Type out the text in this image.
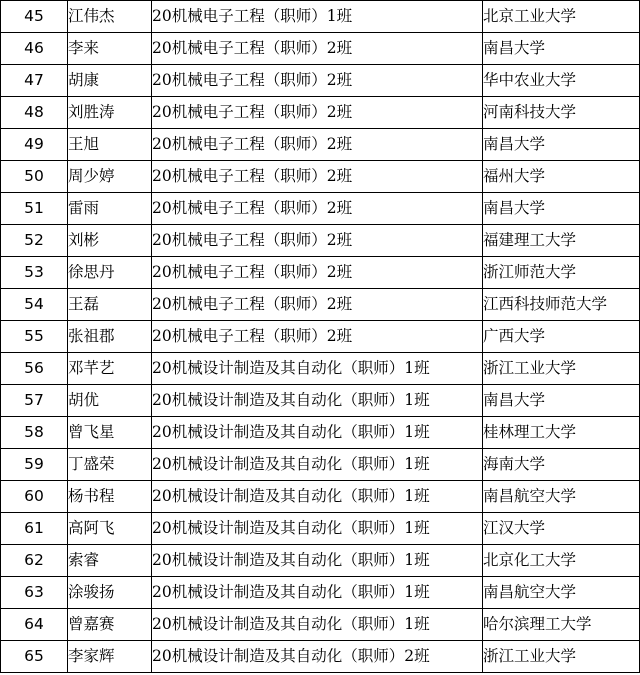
45	江伟杰	20机械电子工程（职师）1班	北京工业大学
46	李来	20机械电子工程（职师）2班	南昌大学
47	胡康	20机械电子工程（职师）2班	华中农业大学
48	刘胜涛	20机械电子工程（职师）2班	河南科技大学
49	王旭	20机械电子工程（职师）2班	南昌大学
50	周少婷	20机械电子工程（职师）2班	福州大学
51	雷雨	20机械电子工程（职师）2班	南昌大学
52	刘彬	20机械电子工程（职师）2班	福建理工大学
53	徐思丹	20机械电子工程（职师）2班	浙江师范大学
54	王磊	20机械电子工程（职师）2班	江西科技师范大学
55	张祖郡	20机械电子工程（职师）2班	广西大学
56	邓芊艺	20机械设计制造及其自动化（职师）1班	浙江工业大学
57	胡优	20机械设计制造及其自动化（职师）1班	南昌大学
58	曾飞星	20机械设计制造及其自动化（职师）1班	桂林理工大学
59	丁盛荣	20机械设计制造及其自动化（职师）1班	海南大学
60	杨书程	20机械设计制造及其自动化（职师）1班	南昌航空大学
61	高阿飞	20机械设计制造及其自动化（职师）1班	江汉大学
62	索睿	20机械设计制造及其自动化（职师）1班	北京化工大学
63	涂骏扬	20机械设计制造及其自动化（职师）1班	南昌航空大学
64	曾嘉赛	20机械设计制造及其自动化（职师）1班	哈尔滨理工大学
65	李家辉	20机械设计制造及其自动化（职师）2班	浙江工业大学
